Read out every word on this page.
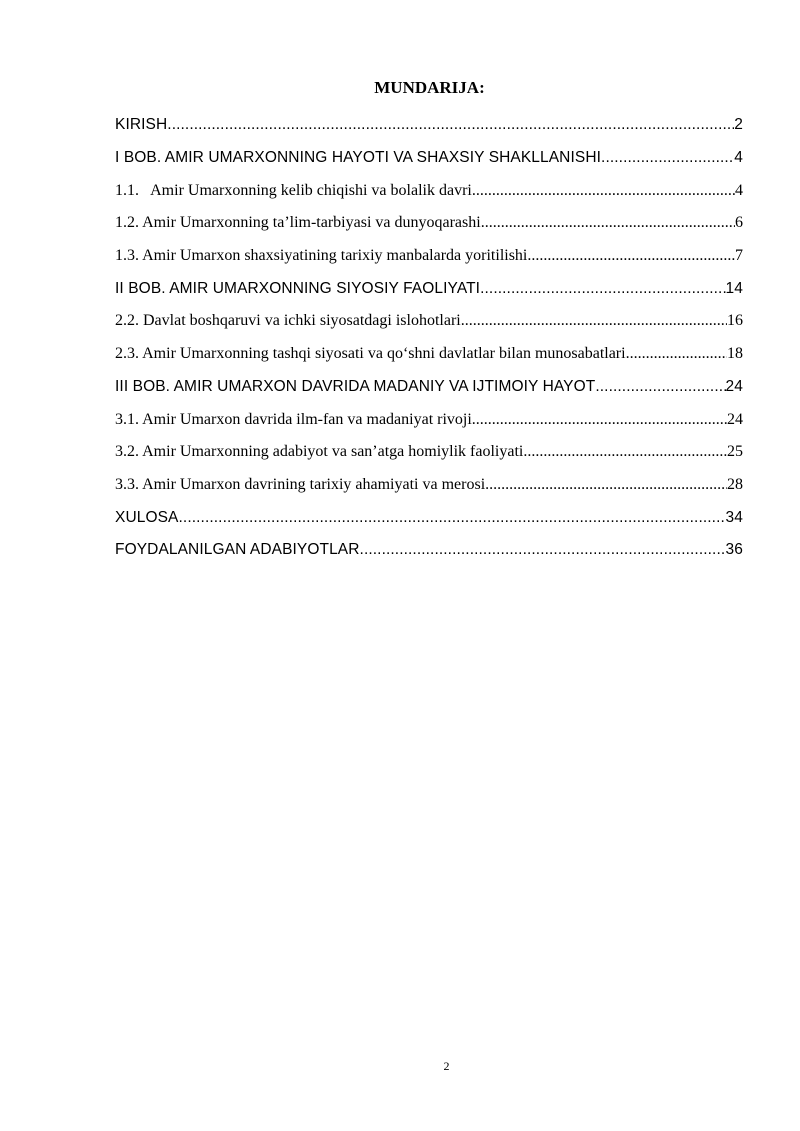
MUNDARIJA:
KIRISH .....	2
I BOB. AMIR UMARXONNING HAYOTI VA SHAXSIY SHAKLLANISHI .....	4
1.1.   Amir Umarxonning kelib chiqishi va bolalik davri .....	4
1.2. Amir Umarxonning ta’lim-tarbiyasi va dunyoqarashi .....	6
1.3. Amir Umarxon shaxsiyatining tarixiy manbalarda yoritilishi .....	7
II BOB. AMIR UMARXONNING SIYOSIY FAOLIYATI .....	14
2.2. Davlat boshqaruvi va ichki siyosatdagi islohotlari .....	16
2.3. Amir Umarxonning tashqi siyosati va qo‘shni davlatlar bilan munosabatlari .....	18
III BOB. AMIR UMARXON DAVRIDA MADANIY VA IJTIMOIY HAYOT .....	24
3.1. Amir Umarxon davrida ilm-fan va madaniyat rivoji .....	24
3.2. Amir Umarxonning adabiyot va san’atga homiylik faoliyati .....	25
3.3. Amir Umarxon davrining tarixiy ahamiyati va merosi .....	28
XULOSA .....	34
FOYDALANILGAN ADABIYOTLAR .....	36
2
